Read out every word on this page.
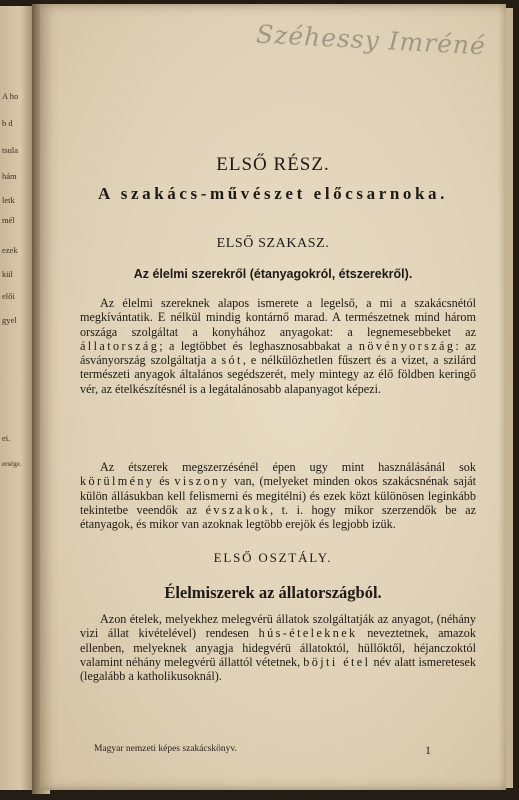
A ho
b d
tsula
hám
letk
mél
ezek
kül
elői
gyel
ei.
ersége.
Széhessy Imréné
ELSŐ RÉSZ.
A szakács-művészet előcsarnoka.
ELSŐ SZAKASZ.
Az élelmi szerekről (étanyagokról, étszerekről).

Az élelmi szereknek alapos ismerete a legelső, a mi a szakácsnétól megkívántatik. E nélkül mindig kontárnő marad. A természetnek mind három országa szolgáltat a konyhához anyagokat: a legnemesebbeket az állatország; a legtöbbet és leghasznosabbakat a növényország: az ásványország szolgáltatja a sót, e nélkülözhetlen fűszert és a vizet, a szilárd természeti anyagok általános segédszerét, mely mintegy az élő földben keringő vér, az ételkészítésnél is a legátalánosabb alapanyagot képezi.

Az étszerek megszerzésénél épen ugy mint használásánál sok körülmény és viszony van, (melyeket minden okos szakácsnénak saját külön állásukban kell felismerni és megitélni) és ezek közt különösen leginkább tekintetbe veendők az évszakok, t. i. hogy mikor szerzendők be az étanyagok, és mikor van azoknak legtöbb erejök és legjobb izük.

ELSŐ OSZTÁLY.
Élelmiszerek az állatországból.

Azon ételek, melyekhez melegvérü állatok szolgáltatják az anyagot, (néhány vizi állat kivételével) rendesen hús-ételeknek neveztetnek, amazok ellenben, melyeknek anyagja hidegvérü állatoktól, hüllőktől, héjanczoktól valamint néhány melegvérü állattól vétetnek, böjti étel név alatt ismeretesek (legalább a katholikusoknál).

Magyar nemzeti képes szakácskönyv.	1
